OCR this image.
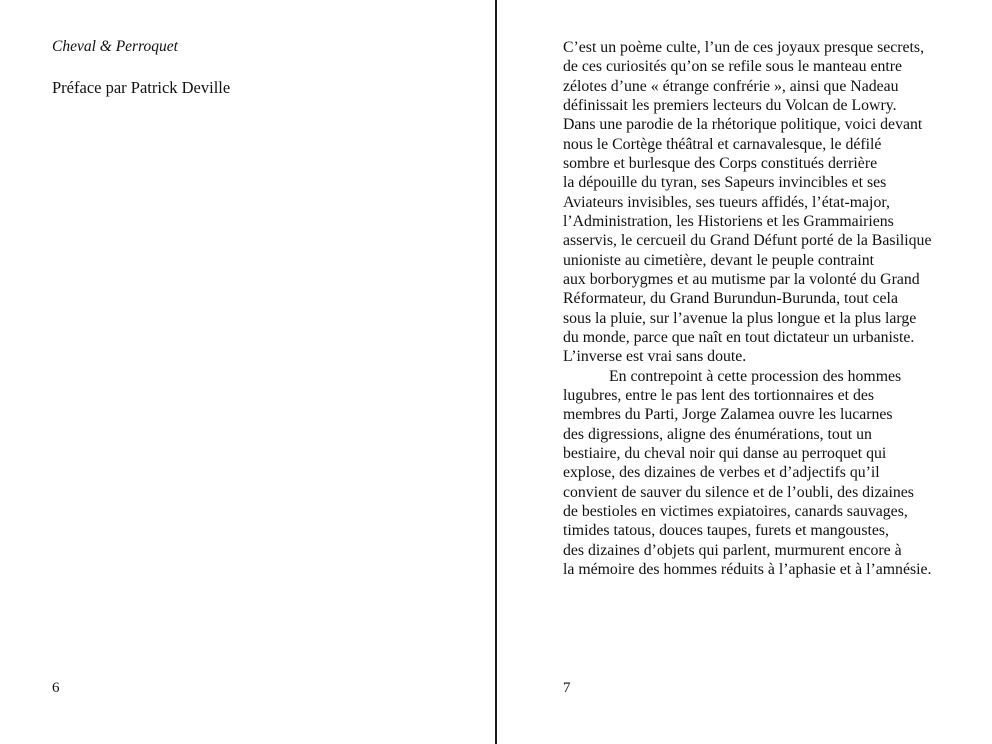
Cheval & Perroquet
Préface par Patrick Deville
6
C’est un poème culte, l’un de ces joyaux presque secrets,
de ces curiosités qu’on se refile sous le manteau entre
zélotes d’une « étrange confrérie », ainsi que Nadeau
définissait les premiers lecteurs du Volcan de Lowry.
Dans une parodie de la rhétorique politique, voici devant
nous le Cortège théâtral et carnavalesque, le défilé
sombre et burlesque des Corps constitués derrière
la dépouille du tyran, ses Sapeurs invincibles et ses
Aviateurs invisibles, ses tueurs affidés, l’état-major,
l’Administration, les Historiens et les Grammairiens
asservis, le cercueil du Grand Défunt porté de la Basilique
unioniste au cimetière, devant le peuple contraint
aux borborygmes et au mutisme par la volonté du Grand
Réformateur, du Grand Burundun-Burunda, tout cela
sous la pluie, sur l’avenue la plus longue et la plus large
du monde, parce que naît en tout dictateur un urbaniste.
L’inverse est vrai sans doute.
En contrepoint à cette procession des hommes
lugubres, entre le pas lent des tortionnaires et des
membres du Parti, Jorge Zalamea ouvre les lucarnes
des digressions, aligne des énumérations, tout un
bestiaire, du cheval noir qui danse au perroquet qui
explose, des dizaines de verbes et d’adjectifs qu’il
convient de sauver du silence et de l’oubli, des dizaines
de bestioles en victimes expiatoires, canards sauvages,
timides tatous, douces taupes, furets et mangoustes,
des dizaines d’objets qui parlent, murmurent encore à
la mémoire des hommes réduits à l’aphasie et à l’amnésie.
7
